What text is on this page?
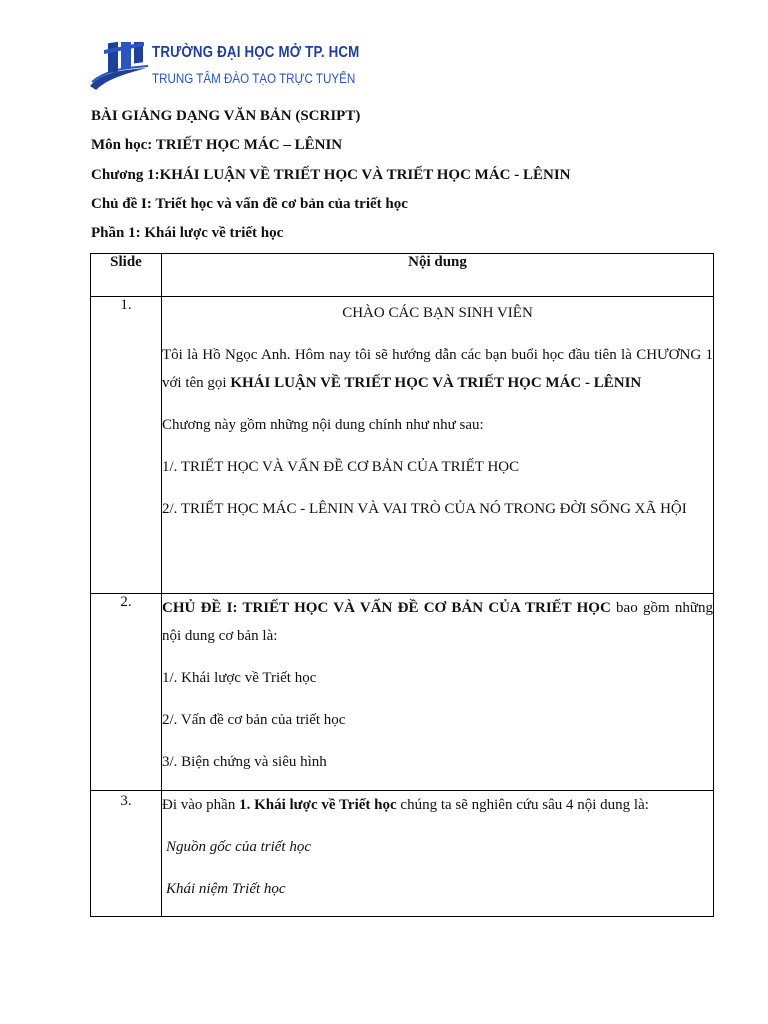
TRƯỜNG ĐẠI HỌC MỞ TP. HCM
TRUNG TÂM ĐÀO TẠO TRỰC TUYẾN
BÀI GIẢNG DẠNG VĂN BẢN (SCRIPT)
Môn học: TRIẾT HỌC MÁC – LÊNIN
Chương 1:KHÁI LUẬN VỀ TRIẾT HỌC VÀ TRIẾT HỌC MÁC - LÊNIN
Chủ đề I: Triết học và vấn đề cơ bản của triết học
Phần 1: Khái lược về triết học
Slide	Nội dung
1.	CHÀO CÁC BẠN SINH VIÊN

Tôi là Hồ Ngọc Anh. Hôm nay tôi sẽ hướng dẫn các bạn buổi học đầu tiên là CHƯƠNG 1 với tên gọi KHÁI LUẬN VỀ TRIẾT HỌC VÀ TRIẾT HỌC MÁC - LÊNIN

Chương này gồm những nội dung chính như như sau:

1/. TRIẾT HỌC VÀ VẤN ĐỀ CƠ BẢN CỦA TRIẾT HỌC

2/. TRIẾT HỌC MÁC - LÊNIN VÀ VAI TRÒ CỦA NÓ TRONG ĐỜI SỐNG XÃ HỘI

2.	CHỦ ĐỀ I: TRIẾT HỌC VÀ VẤN ĐỀ CƠ BẢN CỦA TRIẾT HỌC bao gồm những nội dung cơ bản là:

1/. Khái lược về Triết học

2/. Vấn đề cơ bản của triết học

3/. Biện chứng và siêu hình

3.	Đi vào phần 1. Khái lược về Triết học chúng ta sẽ nghiên cứu sâu 4 nội dung là:

Nguồn gốc của triết học

Khái niệm Triết học
